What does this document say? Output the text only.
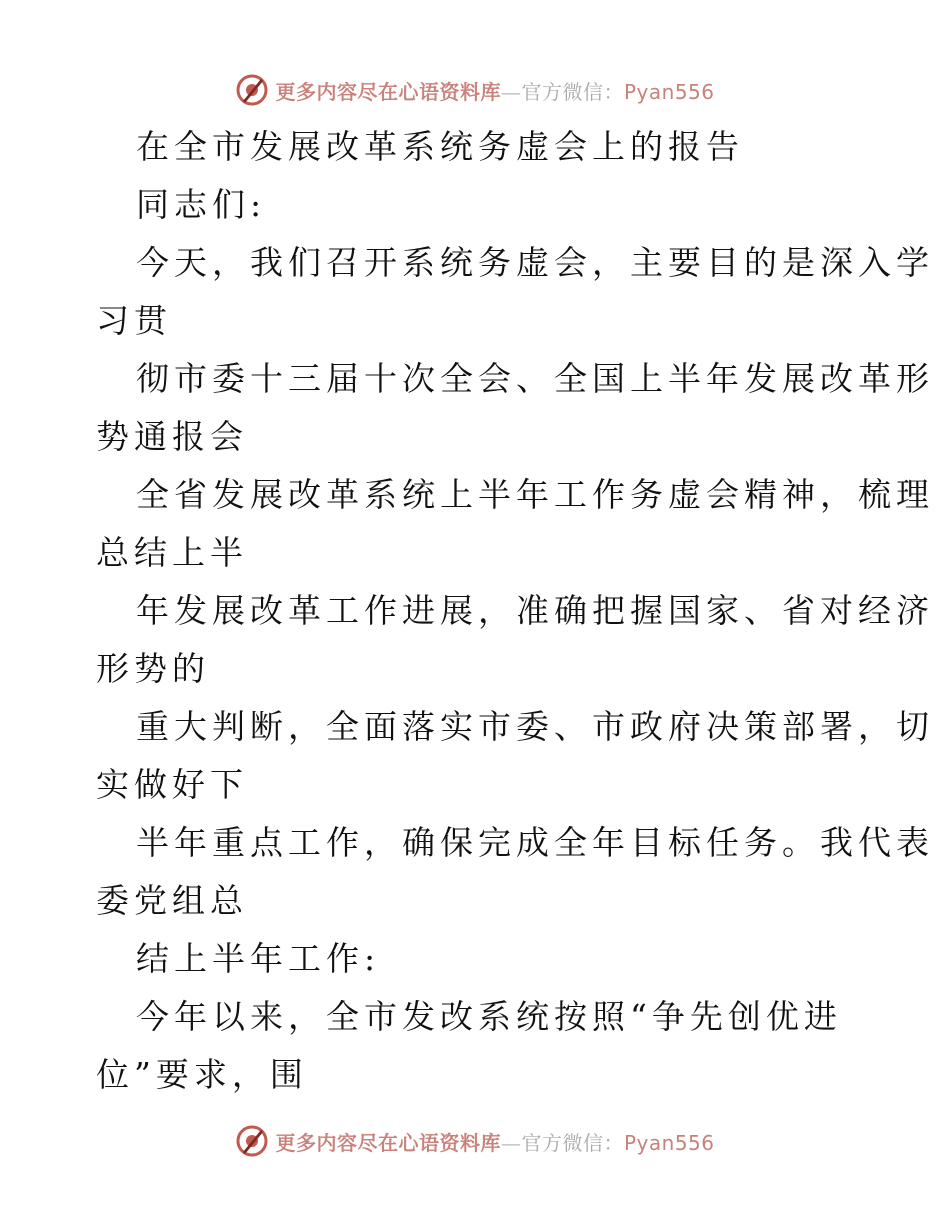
更多内容尽在心语资料库—官方微信：Pyan556
在全市发展改革系统务虚会上的报告
同志们:
今天，我们召开系统务虚会，主要目的是深入学
习贯
彻市委十三届十次全会、全国上半年发展改革形
势通报会
全省发展改革系统上半年工作务虚会精神，梳理
总结上半
年发展改革工作进展，准确把握国家、省对经济
形势的
重大判断，全面落实市委、市政府决策部署，切
实做好下
半年重点工作，确保完成全年目标任务。我代表
委党组总
结上半年工作:
今年以来，全市发改系统按照“争先创优进
位”要求，围
更多内容尽在心语资料库—官方微信：Pyan556
